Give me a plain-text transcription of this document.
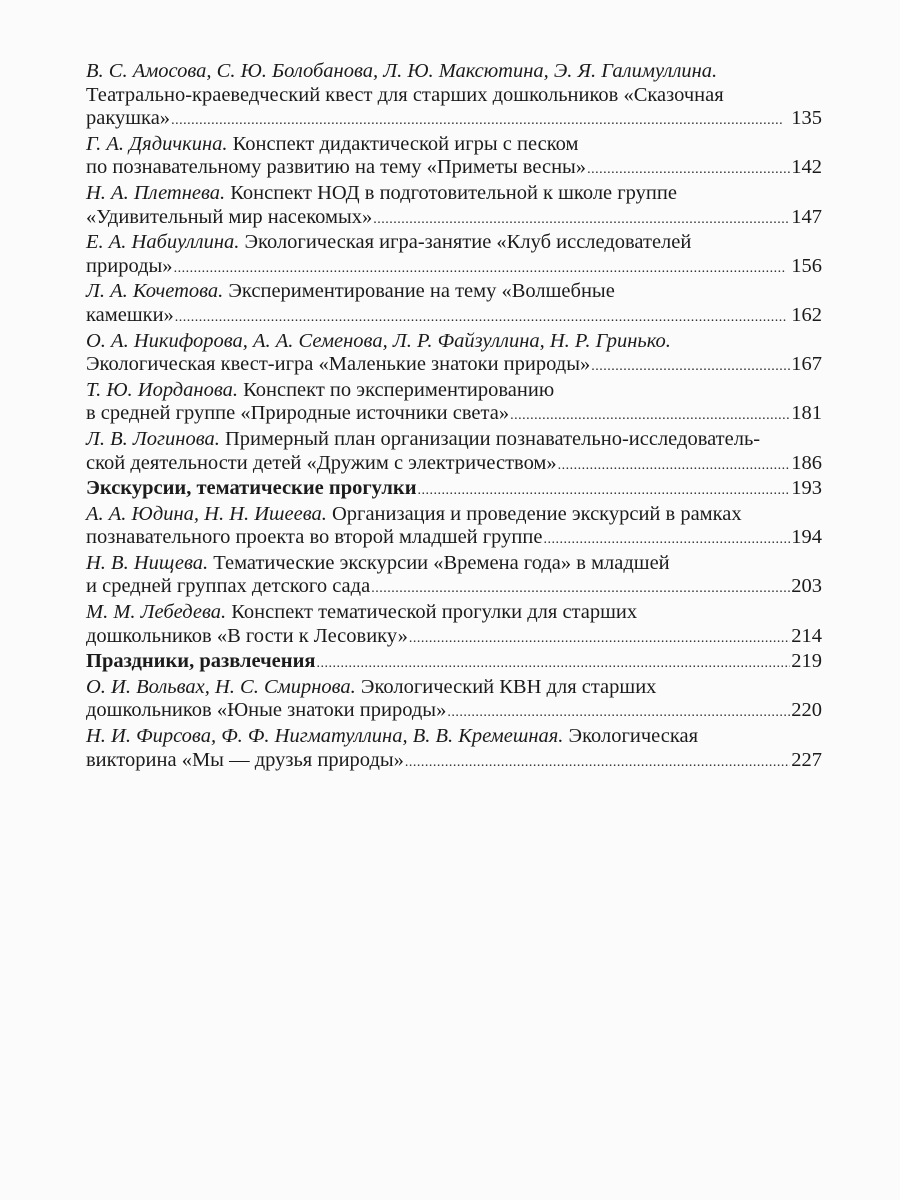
В. С. Амосова, С. Ю. Болобанова, Л. Ю. Максютина, Э. Я. Галимуллина.
Театрально-краеведческий квест для старших дошкольников «Сказочная
ракушка» . . .	135
Г. А. Дядичкина. Конспект дидактической игры с песком
по познавательному развитию на тему «Приметы весны» . . .	142
Н. А. Плетнева. Конспект НОД в подготовительной к школе группе
«Удивительный мир насекомых» . . .	147
Е. А. Набиуллина. Экологическая игра-занятие «Клуб исследователей
природы» . . .	156
Л. А. Кочетова. Экспериментирование на тему «Волшебные
камешки» . . .	162
О. А. Никифорова, А. А. Семенова, Л. Р. Файзуллина, Н. Р. Гринько.
Экологическая квест-игра «Маленькие знатоки природы» . . .	167
Т. Ю. Иорданова. Конспект по экспериментированию
в средней группе «Природные источники света» . . .	181
Л. В. Логинова. Примерный план организации познавательно-исследователь-
ской деятельности детей «Дружим с электричеством» . . .	186
Экскурсии, тематические прогулки . . .	193
А. А. Юдина, Н. Н. Ишеева. Организация и проведение экскурсий в рамках
познавательного проекта во второй младшей группе . . .	194
Н. В. Нищева. Тематические экскурсии «Времена года» в младшей
и средней группах детского сада . . .	203
М. М. Лебедева. Конспект тематической прогулки для старших
дошкольников «В гости к Лесовику» . . .	214
Праздники, развлечения . . .	219
О. И. Вольвах, Н. С. Смирнова. Экологический КВН для старших
дошкольников «Юные знатоки природы» . . .	220
Н. И. Фирсова, Ф. Ф. Нигматуллина, В. В. Кремешная. Экологическая
викторина «Мы — друзья природы» . . .	227
